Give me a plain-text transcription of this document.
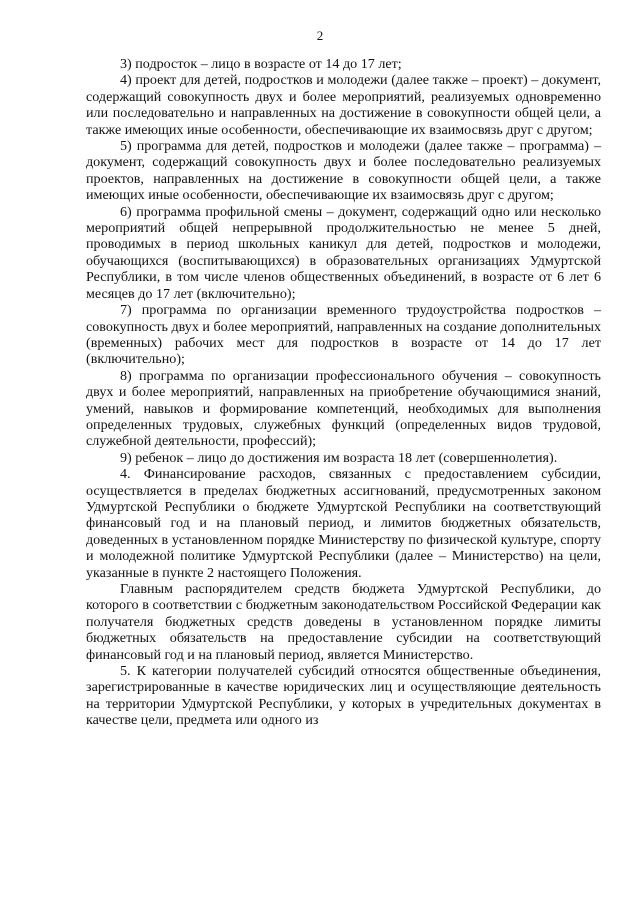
2

3) подросток – лицо в возрасте от 14 до 17 лет;

4) проект для детей, подростков и молодежи (далее также – проект) – документ, содержащий совокупность двух и более мероприятий, реализуемых одновременно или последовательно и направленных на достижение в совокупности общей цели, а также имеющих иные особенности, обеспечивающие их взаимосвязь друг с другом;

5) программа для детей, подростков и молодежи (далее также – программа) – документ, содержащий совокупность двух и более последовательно реализуемых проектов, направленных на достижение в совокупности общей цели, а также имеющих иные особенности, обеспечивающие их взаимосвязь друг с другом;

6) программа профильной смены – документ, содержащий одно или несколько мероприятий общей непрерывной продолжительностью не менее 5 дней, проводимых в период школьных каникул для детей, подростков и молодежи, обучающихся (воспитывающихся) в образовательных организациях Удмуртской Республики, в том числе членов общественных объединений, в возрасте от 6 лет 6 месяцев до 17 лет (включительно);

7) программа по организации временного трудоустройства подростков – совокупность двух и более мероприятий, направленных на создание дополнительных (временных) рабочих мест для подростков в возрасте от 14 до 17 лет (включительно);

8) программа по организации профессионального обучения – совокупность двух и более мероприятий, направленных на приобретение обучающимися знаний, умений, навыков и формирование компетенций, необходимых для выполнения определенных трудовых, служебных функций (определенных видов трудовой, служебной деятельности, профессий);

9) ребенок – лицо до достижения им возраста 18 лет (совершеннолетия).

4. Финансирование расходов, связанных с предоставлением субсидии, осуществляется в пределах бюджетных ассигнований, предусмотренных законом Удмуртской Республики о бюджете Удмуртской Республики на соответствующий финансовый год и на плановый период, и лимитов бюджетных обязательств, доведенных в установленном порядке Министерству по физической культуре, спорту и молодежной политике Удмуртской Республики (далее – Министерство) на цели, указанные в пункте 2 настоящего Положения.

Главным распорядителем средств бюджета Удмуртской Республики, до которого в соответствии с бюджетным законодательством Российской Федерации как получателя бюджетных средств доведены в установленном порядке лимиты бюджетных обязательств на предоставление субсидии на соответствующий финансовый год и на плановый период, является Министерство.

5. К категории получателей субсидий относятся общественные объединения, зарегистрированные в качестве юридических лиц и осуществляющие деятельность на территории Удмуртской Республики, у которых в учредительных документах в качестве цели, предмета или одного из
